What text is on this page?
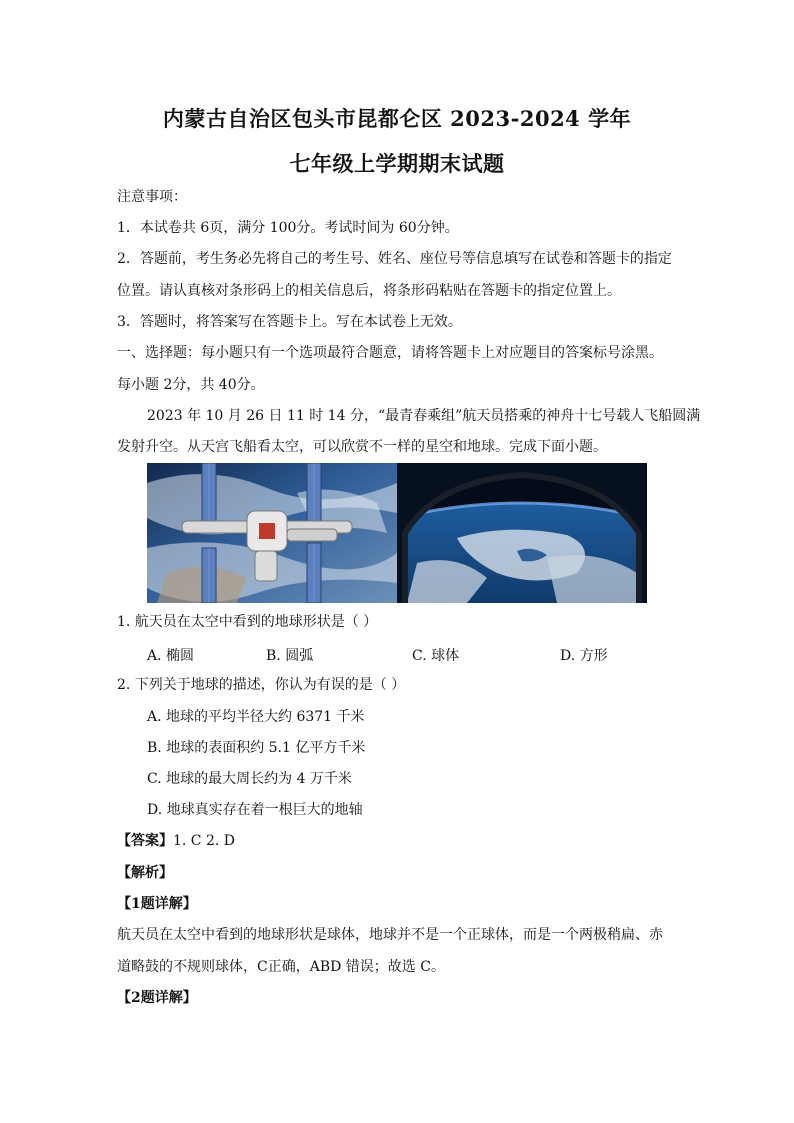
内蒙古自治区包头市昆都仑区 2023-2024 学年
七年级上学期期末试题
注意事项：
1．本试卷共 6页，满分 100分。考试时间为 60分钟。
2．答题前，考生务必先将自己的考生号、姓名、座位号等信息填写在试卷和答题卡的指定
位置。请认真核对条形码上的相关信息后，将条形码粘贴在答题卡的指定位置上。
3．答题时，将答案写在答题卡上。写在本试卷上无效。
一、选择题：每小题只有一个选项最符合题意，请将答题卡上对应题目的答案标号涂黑。
每小题 2分，共 40分。
2023 年 10 月 26 日 11 时 14 分，“最青春乘组”航天员搭乘的神舟十七号载人飞船圆满
发射升空。从天宫飞船看太空，可以欣赏不一样的星空和地球。完成下面小题。
1. 航天员在太空中看到的地球形状是（ ）
A. 椭圆	B. 圆弧	C. 球体	D. 方形
2. 下列关于地球的描述，你认为有误的是（ ）
A. 地球的平均半径大约 6371 千米
B. 地球的表面积约 5.1 亿平方千米
C. 地球的最大周长约为 4 万千米
D. 地球真实存在着一根巨大的地轴
【答案】1. C 2. D
【解析】
【1题详解】
航天员在太空中看到的地球形状是球体，地球并不是一个正球体，而是一个两极稍扁、赤
道略鼓的不规则球体，C正确，ABD 错误；故选 C。
【2题详解】
